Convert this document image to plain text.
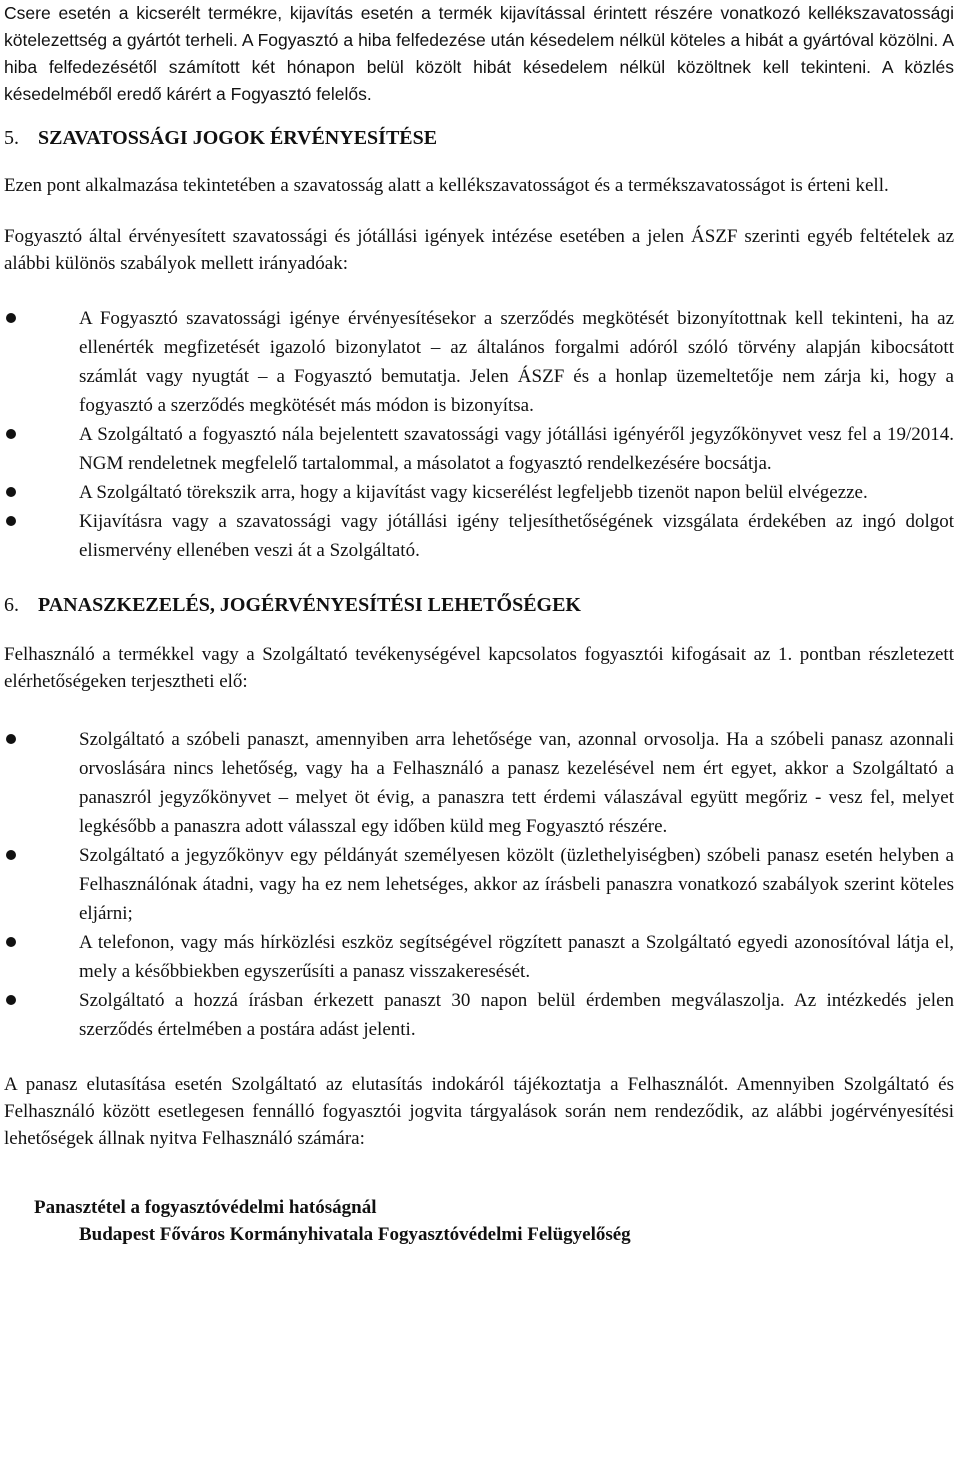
Csere esetén a kicserélt termékre, kijavítás esetén a termék kijavítással érintett részére vonatkozó kellékszavatossági kötelezettség a gyártót terheli. A Fogyasztó a hiba felfedezése után késedelem nélkül köteles a hibát a gyártóval közölni. A hiba felfedezésétől számított két hónapon belül közölt hibát késedelem nélkül közöltnek kell tekinteni. A közlés késedelméből eredő kárért a Fogyasztó felelős.

5. SZAVATOSSÁGI JOGOK ÉRVÉNYESÍTÉSE

Ezen pont alkalmazása tekintetében a szavatosság alatt a kellékszavatosságot és a termékszavatosságot is érteni kell.

Fogyasztó által érvényesített szavatossági és jótállási igények intézése esetében a jelen ÁSZF szerinti egyéb feltételek az alábbi különös szabályok mellett irányadóak:

A Fogyasztó szavatossági igénye érvényesítésekor a szerződés megkötését bizonyítottnak kell tekinteni, ha az ellenérték megfizetését igazoló bizonylatot – az általános forgalmi adóról szóló törvény alapján kibocsátott számlát vagy nyugtát – a Fogyasztó bemutatja. Jelen ÁSZF és a honlap üzemeltetője nem zárja ki, hogy a fogyasztó a szerződés megkötését más módon is bizonyítsa.
A Szolgáltató a fogyasztó nála bejelentett szavatossági vagy jótállási igényéről jegyzőkönyvet vesz fel a 19/2014. NGM rendeletnek megfelelő tartalommal, a másolatot a fogyasztó rendelkezésére bocsátja.
A Szolgáltató törekszik arra, hogy a kijavítást vagy kicserélést legfeljebb tizenöt napon belül elvégezze.
Kijavításra vagy a szavatossági vagy jótállási igény teljesíthetőségének vizsgálata érdekében az ingó dolgot elismervény ellenében veszi át a Szolgáltató.
6. PANASZKEZELÉS, JOGÉRVÉNYESÍTÉSI LEHETŐSÉGEK

Felhasználó a termékkel vagy a Szolgáltató tevékenységével kapcsolatos fogyasztói kifogásait az 1. pontban részletezett elérhetőségeken terjesztheti elő:

Szolgáltató a szóbeli panaszt, amennyiben arra lehetősége van, azonnal orvosolja. Ha a szóbeli panasz azonnali orvoslására nincs lehetőség, vagy ha a Felhasználó a panasz kezelésével nem ért egyet, akkor a Szolgáltató a panaszról jegyzőkönyvet – melyet öt évig, a panaszra tett érdemi válaszával együtt megőriz - vesz fel, melyet legkésőbb a panaszra adott válasszal egy időben küld meg Fogyasztó részére.
Szolgáltató a jegyzőkönyv egy példányát személyesen közölt (üzlethelyiségben) szóbeli panasz esetén helyben a Felhasználónak átadni, vagy ha ez nem lehetséges, akkor az írásbeli panaszra vonatkozó szabályok szerint köteles eljárni;
A telefonon, vagy más hírközlési eszköz segítségével rögzített panaszt a Szolgáltató egyedi azonosítóval látja el, mely a későbbiekben egyszerűsíti a panasz visszakeresését.
Szolgáltató a hozzá írásban érkezett panaszt 30 napon belül érdemben megválaszolja. Az intézkedés jelen szerződés értelmében a postára adást jelenti.

A panasz elutasítása esetén Szolgáltató az elutasítás indokáról tájékoztatja a Felhasználót. Amennyiben Szolgáltató és Felhasználó között esetlegesen fennálló fogyasztói jogvita tárgyalások során nem rendeződik, az alábbi jogérvényesítési lehetőségek állnak nyitva Felhasználó számára:

Panasztétel a fogyasztóvédelmi hatóságnál

Budapest Főváros Kormányhivatala Fogyasztóvédelmi Felügyelőség
